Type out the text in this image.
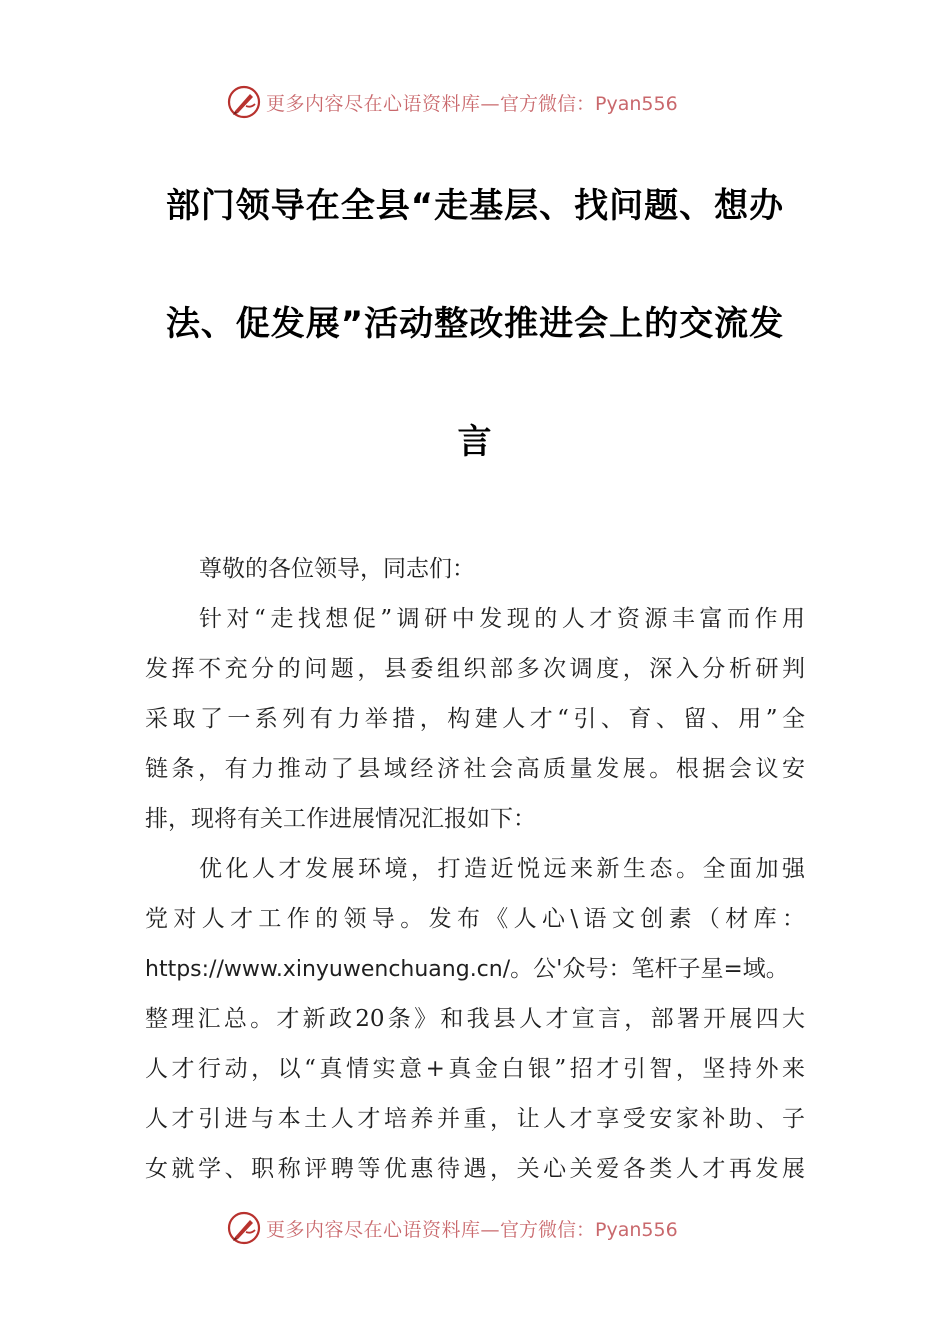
更多内容尽在心语资料库— 官方微信：Pyan556
部门领导在全县“走基层、找问题、想办
法、促发展”活动整改推进会上的交流发
言
尊敬的各位领导，同志们：
针对“走找想促”调研中发现的人才资源丰富而作用
发挥不充分的问题，县委组织部多次调度，深入分析研判
采取了一系列有力举措，构建人才“引、育、留、用”全
链条，有力推动了县域经济社会高质量发展。根据会议安
排，现将有关工作进展情况汇报如下：
优化人才发展环境，打造近悦远来新生态。全面加强
党对人才工作的领导。发布《人心\语文创素（材库：
https://www.xinyuwenchuang.cn/。公'众号：笔杆子星=域。
整理汇总。才新政20条》和我县人才宣言，部署开展四大
人才行动，以“真情实意+真金白银”招才引智，坚持外来
人才引进与本土人才培养并重，让人才享受安家补助、子
女就学、职称评聘等优惠待遇，关心关爱各类人才再发展
更多内容尽在心语资料库— 官方微信：Pyan556
